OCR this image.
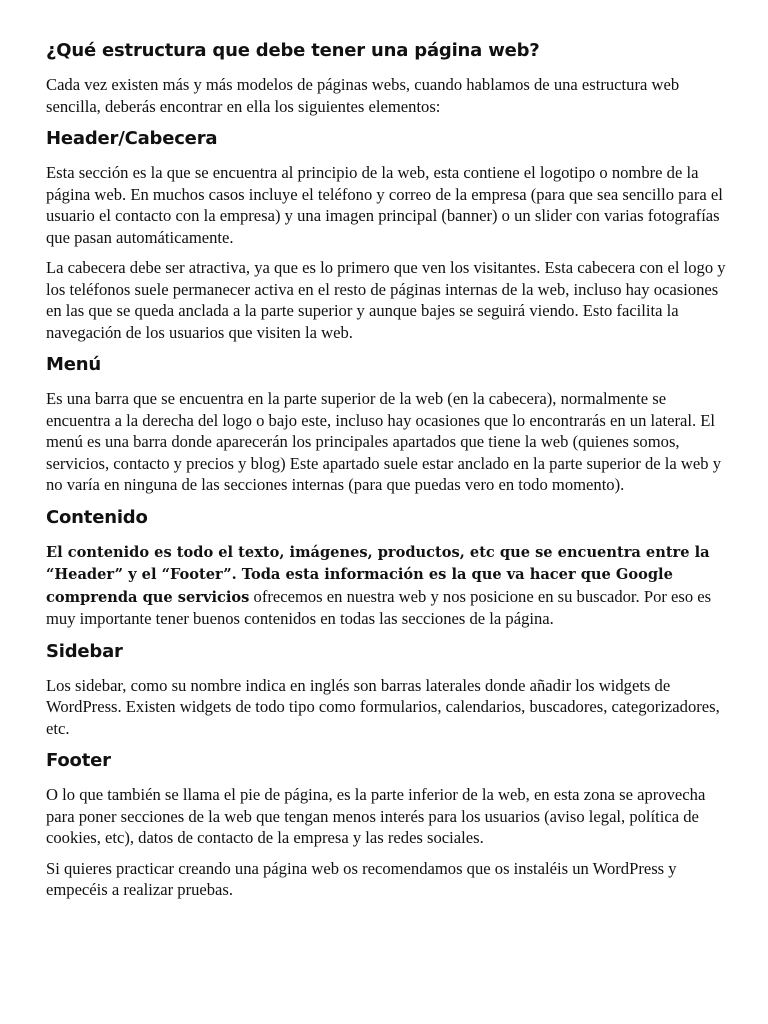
¿Qué estructura que debe tener una página web?

Cada vez existen más y más modelos de páginas webs, cuando hablamos de una estructura web sencilla, deberás encontrar en ella los siguientes elementos:

Header/Cabecera

Esta sección es la que se encuentra al principio de la web, esta contiene el logotipo o nombre de la página web. En muchos casos incluye el teléfono y correo de la empresa (para que sea sencillo para el usuario el contacto con la empresa) y una imagen principal (banner) o un slider con varias fotografías que pasan automáticamente.

La cabecera debe ser atractiva, ya que es lo primero que ven los visitantes. Esta cabecera con el logo y los teléfonos suele permanecer activa en el resto de páginas internas de la web, incluso hay ocasiones en las que se queda anclada a la parte superior y aunque bajes se seguirá viendo. Esto facilita la navegación de los usuarios que visiten la web.

Menú

Es una barra que se encuentra en la parte superior de la web (en la cabecera), normalmente se encuentra a la derecha del logo o bajo este, incluso hay ocasiones que lo encontrarás en un lateral. El menú es una barra donde aparecerán los principales apartados que tiene la web (quienes somos, servicios, contacto y precios y blog) Este apartado suele estar anclado en la parte superior de la web y no varía en ninguna de las secciones internas (para que puedas vero en todo momento).

Contenido

El contenido es todo el texto, imágenes, productos, etc que se encuentra entre la “Header” y el “Footer”. Toda esta información es la que va hacer que Google comprenda que servicios ofrecemos en nuestra web y nos posicione en su buscador. Por eso es muy importante tener buenos contenidos en todas las secciones de la página.

Sidebar

Los sidebar, como su nombre indica en inglés son barras laterales donde añadir los widgets de WordPress. Existen widgets de todo tipo como formularios, calendarios, buscadores, categorizadores, etc.

Footer

O lo que también se llama el pie de página, es la parte inferior de la web, en esta zona se aprovecha para poner secciones de la web que tengan menos interés para los usuarios (aviso legal, política de cookies, etc), datos de contacto de la empresa y las redes sociales.

Si quieres practicar creando una página web os recomendamos que os instaléis un WordPress y empecéis a realizar pruebas.
